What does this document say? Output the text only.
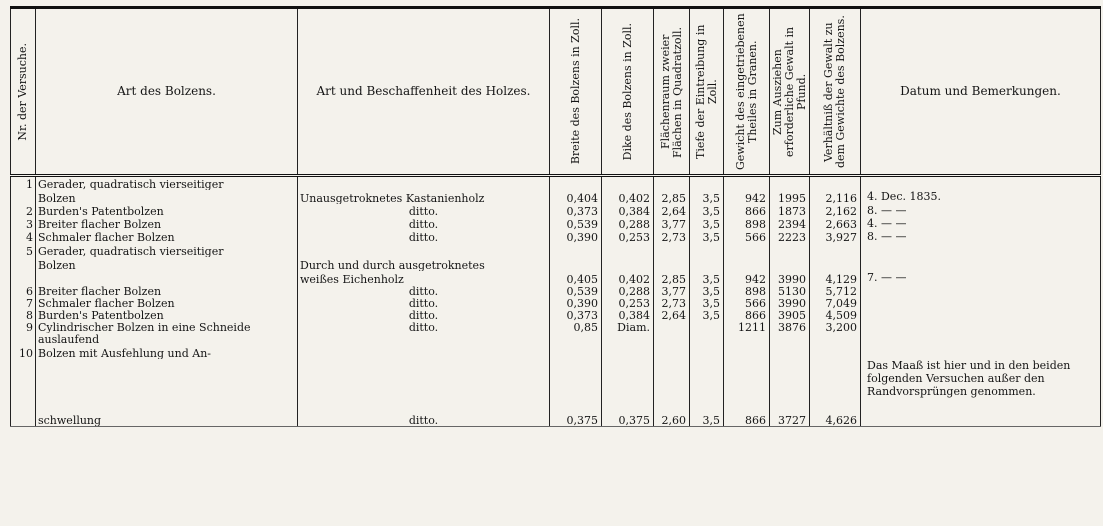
Nr. der Versuche.	Art des Bolzens.	Art und Beschaffenheit des Holzes.	Breite des Bolzens in Zoll.	Dike des Bolzens in Zoll.	Flächenraum zweier Flächen in Quadratzoll.	Tiefe der Eintreibung in Zoll.	Gewicht des eingetriebenen Theiles in Granen.	Zum Ausziehen erforderliche Gewalt in Pfund.	Verhältniß der Gewalt zu dem Gewichte des Bolzens.	Datum und Bemerkungen.

1	Gerader, quadratisch vierseitiger									
	Bolzen	Unausgetroknetes Kastanienholz	0,404	0,402	2,85	3,5	942	1995	2,116	4. Dec. 1835.
2	Burden's Patentbolzen	ditto.	0,373	0,384	2,64	3,5	866	1873	2,162	8. — —
3	Breiter flacher Bolzen	ditto.	0,539	0,288	3,77	3,5	898	2394	2,663	4. — —
4	Schmaler flacher Bolzen	ditto.	0,390	0,253	2,73	3,5	566	2223	3,927	8. — —
5	Gerader, quadratisch vierseitiger									
	Bolzen	Durch und durch ausgetroknetes								
		weißes Eichenholz	0,405	0,402	2,85	3,5	942	3990	4,129	7. — —
6	Breiter flacher Bolzen	ditto.	0,539	0,288	3,77	3,5	898	5130	5,712	
7	Schmaler flacher Bolzen	ditto.	0,390	0,253	2,73	3,5	566	3990	7,049	
8	Burden's Patentbolzen	ditto.	0,373	0,384	2,64	3,5	866	3905	4,509	
9	Cylindrischer Bolzen in eine Schneide	ditto.	0,85	Diam.			1211	3876	3,200	
	auslaufend									
10	Bolzen mit Ausfehlung und An-									
	schwellung	ditto.	0,375	0,375	2,60	3,5	866	3727	4,626	Das Maaß ist hier und in den beiden folgenden Versuchen außer den Randvorsprüngen genommen.
